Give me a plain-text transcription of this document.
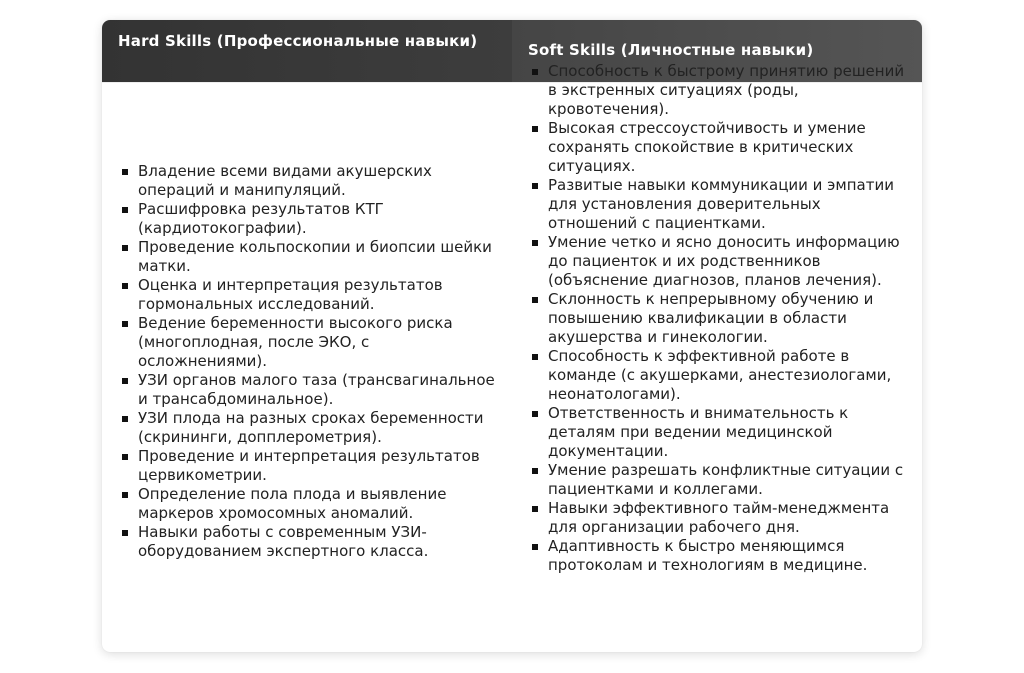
Hard Skills (Профессиональные навыки)	Soft Skills (Личностные навыки)
Владение всеми видами акушерских операций и манипуляций.
Расшифровка результатов КТГ (кардиотокографии).
Проведение кольпоскопии и биопсии шейки матки.
Оценка и интерпретация результатов гормональных исследований.
Ведение беременности высокого риска (многоплодная, после ЭКО, с осложнениями).
УЗИ органов малого таза (трансвагинальное и трансабдоминальное).
УЗИ плода на разных сроках беременности (скрининги, допплерометрия).
Проведение и интерпретация результатов цервикометрии.
Определение пола плода и выявление маркеров хромосомных аномалий.
Навыки работы с современным УЗИ-оборудованием экспертного класса.
Способность к быстрому принятию решений в экстренных ситуациях (роды, кровотечения).
Высокая стрессоустойчивость и умение сохранять спокойствие в критических ситуациях.
Развитые навыки коммуникации и эмпатии для установления доверительных отношений с пациентками.
Умение четко и ясно доносить информацию до пациенток и их родственников (объяснение диагнозов, планов лечения).
Склонность к непрерывному обучению и повышению квалификации в области акушерства и гинекологии.
Способность к эффективной работе в команде (с акушерками, анестезиологами, неонатологами).
Ответственность и внимательность к деталям при ведении медицинской документации.
Умение разрешать конфликтные ситуации с пациентками и коллегами.
Навыки эффективного тайм-менеджмента для организации рабочего дня.
Адаптивность к быстро меняющимся протоколам и технологиям в медицине.
